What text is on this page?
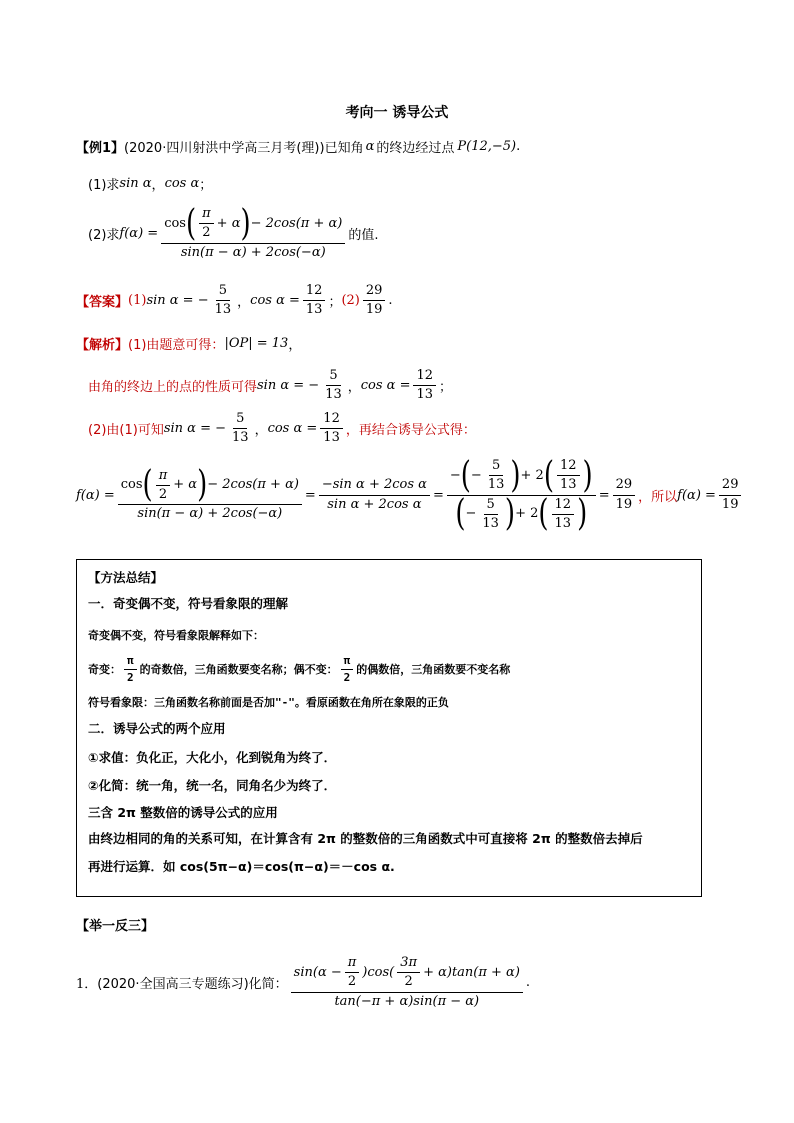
考向一 诱导公式
【例1】 (2020·四川射洪中学高三月考(理)) 已知角 α 的终边经过点 P(12,−5) .
(1)求 sin α ， cos α ；
(2)求 f(α) =
cos ( $\frac{\pi}{2} + \alpha$ ) − 2cos(π + α)
sin(π − α) + 2cos(−α)
的值.
【答案】 (1) sin α = − $\frac{5}{13}$ ， $\cos \alpha = \frac{12}{13}$ ； $(2) \frac{29}{19}$ .
【解析】 (1)由题意可得： |OP| = 13 ，
由角的终边上的点的性质可得 sin α = − $\frac{5}{13}$ ， $\cos \alpha = \frac{12}{13}$ ；
(2)由(1)可知 sin α = − $\frac{5}{13}$ ， $\cos \alpha = \frac{12}{13}$ ，再结合诱导公式得：
f(α) =
cos ( $\frac{\pi}{2} + \alpha$ ) − 2cos(π + α)
sin(π − α) + 2cos(−α)
= $\frac{\text{−sin α + 2cos α}}{\text{sin α + 2cos α}}$ =
− ( − $\frac{5}{13}$ ) + 2 ( $\frac{12}{13}$ )
( − $\frac{5}{13}$ ) + 2 ( $\frac{12}{13}$ ) = $\frac{29}{19}$ ，所以 $f(\alpha) = \frac{29}{19}$
【方法总结】
一．奇变偶不变，符号看象限的理解
奇变偶不变，符号看象限解释如下：
奇变： $\frac{\pi}{2}$ 的奇数倍，三角函数要变名称；偶不变： $\frac{\pi}{2}$ 的偶数倍，三角函数要不变名称
符号看象限：三角函数名称前面是否加"-"。看原函数在角所在象限的正负
二．诱导公式的两个应用
①求值：负化正，大化小，化到锐角为终了．
②化简：统一角，统一名，同角名少为终了．
三含 2π 整数倍的诱导公式的应用
由终边相同的角的关系可知，在计算含有 2π 的整数倍的三角函数式中可直接将 2π 的整数倍去掉后
再进行运算．如 cos(5π−α)＝cos(π−α)＝－cos α.
【举一反三】
1． (2020·全国高三专题练习) 化简：
$\sin(\alpha - \frac{\pi}{2} )\cos( \frac{3\pi}{2} + \alpha)\tan(\pi + \alpha)$
tan(−π + α)sin(π − α)
.
